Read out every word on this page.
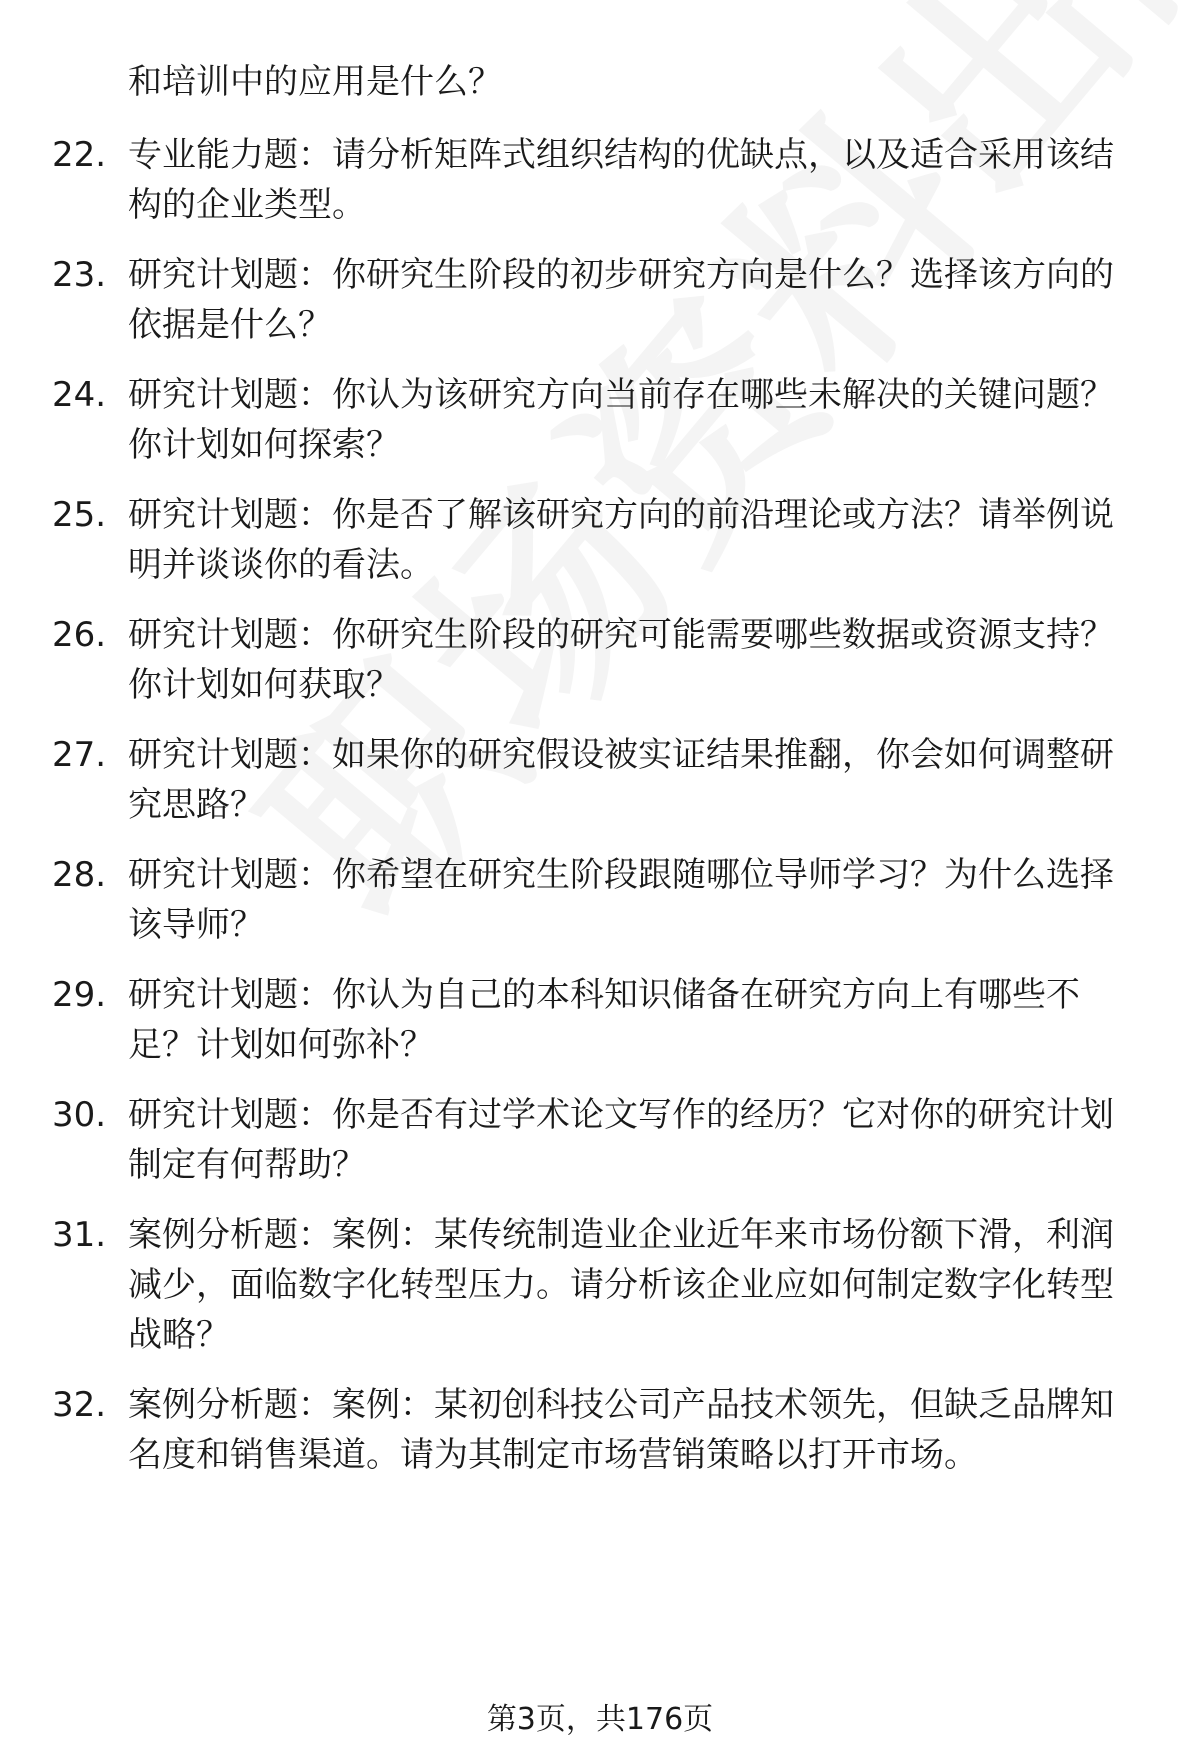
和培训中的应用是什么？

22. 专业能力题：请分析矩阵式组织结构的优缺点，以及适合采用该结构的企业类型。
23. 研究计划题：你研究生阶段的初步研究方向是什么？选择该方向的依据是什么？
24. 研究计划题：你认为该研究方向当前存在哪些未解决的关键问题？你计划如何探索？
25. 研究计划题：你是否了解该研究方向的前沿理论或方法？请举例说明并谈谈你的看法。
26. 研究计划题：你研究生阶段的研究可能需要哪些数据或资源支持？你计划如何获取？
27. 研究计划题：如果你的研究假设被实证结果推翻，你会如何调整研究思路？
28. 研究计划题：你希望在研究生阶段跟随哪位导师学习？为什么选择该导师？
29. 研究计划题：你认为自己的本科知识储备在研究方向上有哪些不足？计划如何弥补？
30. 研究计划题：你是否有过学术论文写作的经历？它对你的研究计划制定有何帮助？
31. 案例分析题：案例：某传统制造业企业近年来市场份额下滑，利润减少，面临数字化转型压力。请分析该企业应如何制定数字化转型战略？
32. 案例分析题：案例：某初创科技公司产品技术领先，但缺乏品牌知名度和销售渠道。请为其制定市场营销策略以打开市场。
第3页，共176页
